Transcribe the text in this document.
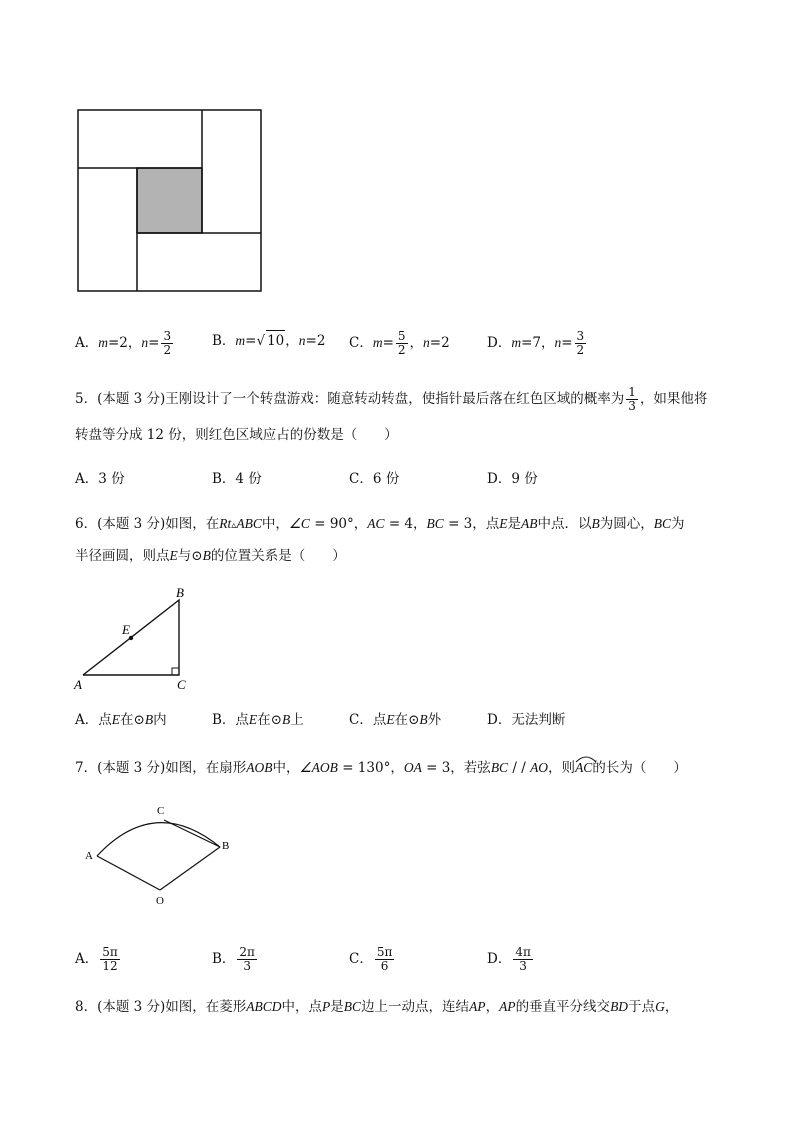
A．m=2，$n= \frac{3}{2}$	B．m=√ 10，n=2 C．$m= \frac{5}{2}$ ，n=2	D．m=7，$n= \frac{3}{2}$
5．(本题 3 分)王刚设计了一个转盘游戏：随意转动转盘，使指针最后落在红色区域的概率为 $\frac{1}{3}$ ，如果他将
转盘等分成 12 份，则红色区域应占的份数是（　　）
A．3 份	B．4 份	C．6 份	D．9 份
6．(本题 3 分)如图，在Rt▵ABC中，∠C = 90°，AC = 4，BC = 3，点E是AB中点．以B为圆心，BC为
半径画圆，则点E与⊙B的位置关系是（　　）
A
B
C
E
A．点E在⊙B内	B．点E在⊙B上	C．点E在⊙B外	D．无法判断
7．(本题 3 分)如图，在扇形AOB中，∠AOB = 130°，OA = 3，若弦BC / / AO，则
AC的长为（　　）
A
B
C
O
A． $\frac{5\pi}{12}$	B． $\frac{2\pi}{3}$	C． $\frac{5\pi}{6}$	D． $\frac{4\pi}{3}$
8．(本题 3 分)如图，在菱形ABCD中，点P是BC边上一动点，连结AP，AP的垂直平分线交BD于点G，
